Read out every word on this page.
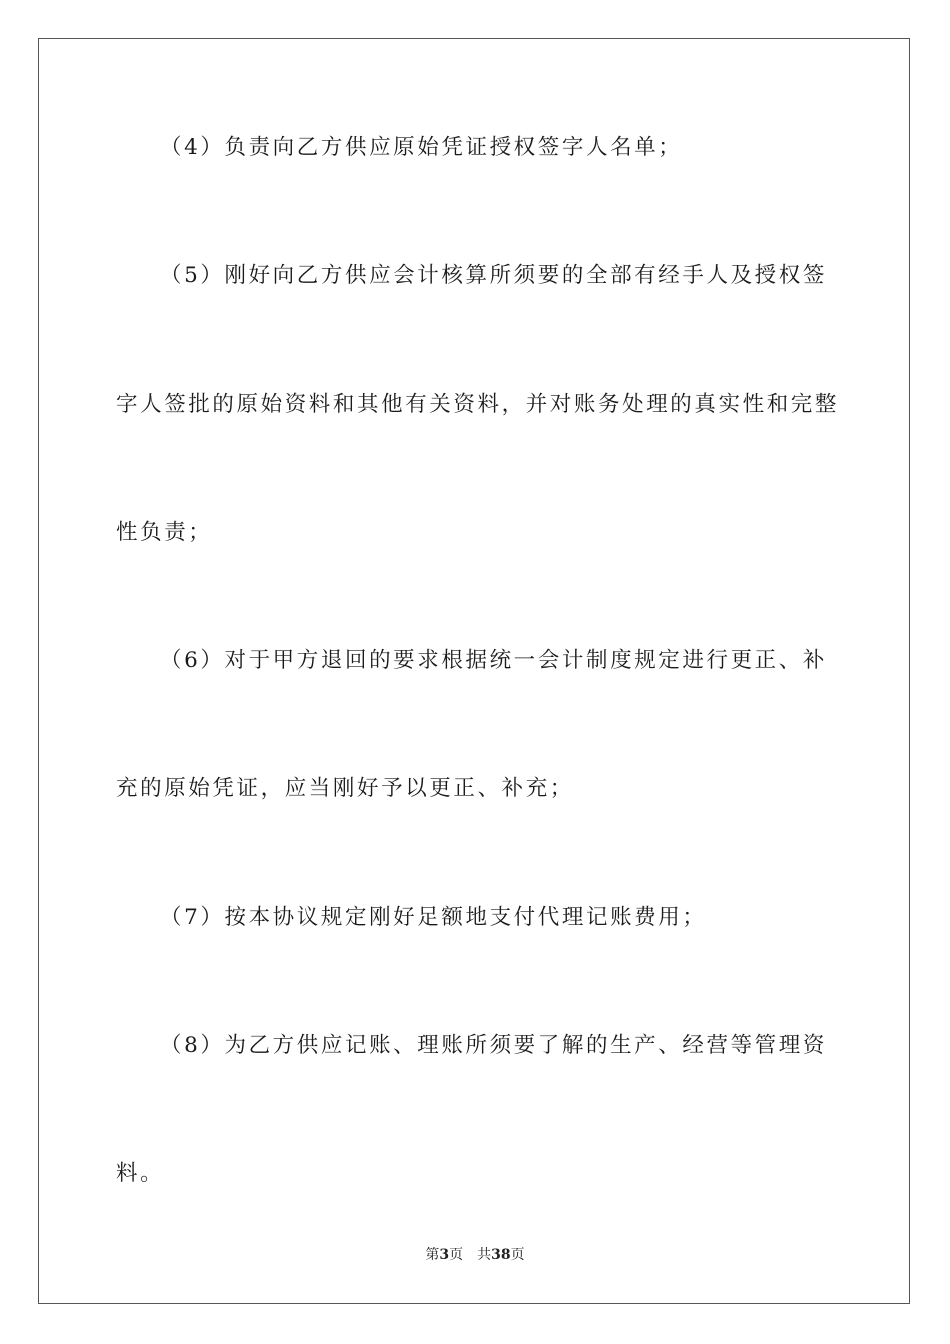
（4）负责向乙方供应原始凭证授权签字人名单；
（5）刚好向乙方供应会计核算所须要的全部有经手人及授权签
字人签批的原始资料和其他有关资料，并对账务处理的真实性和完整
性负责；
（6）对于甲方退回的要求根据统一会计制度规定进行更正、补
充的原始凭证，应当刚好予以更正、补充；
（7）按本协议规定刚好足额地支付代理记账费用；
（8）为乙方供应记账、理账所须要了解的生产、经营等管理资
料。
第3页 共38页
